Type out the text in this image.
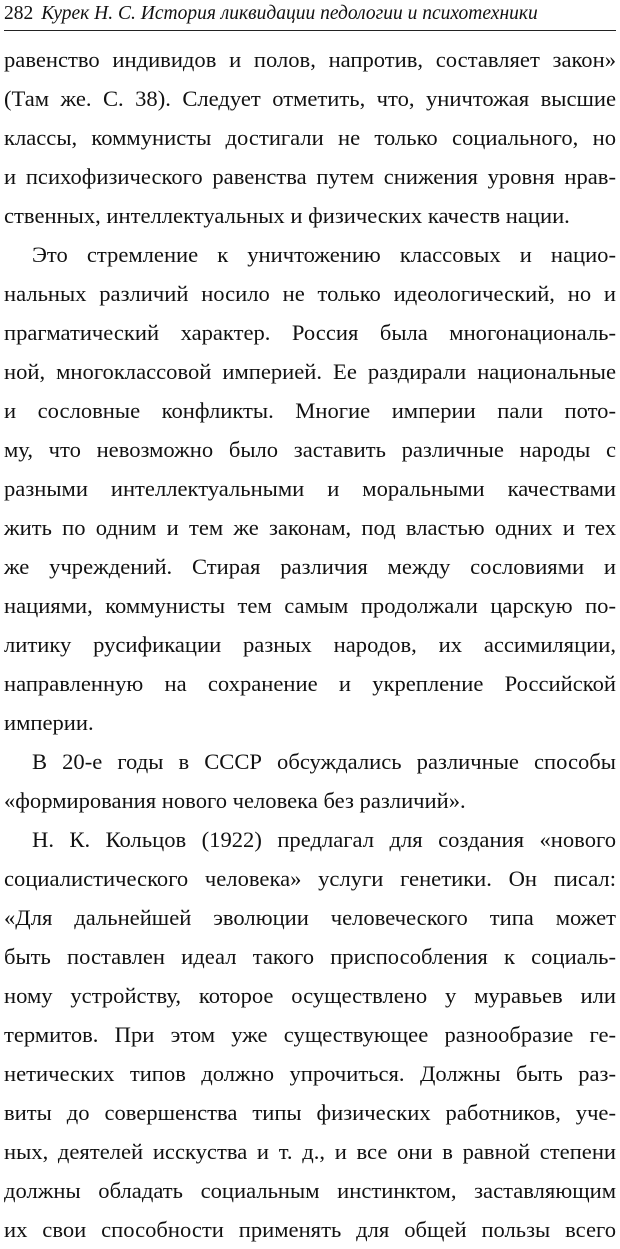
282 Курек Н. С. История ликвидации педологии и психотехники
равенство индивидов и полов, напротив, составляет закон»
(Там же. С. 38). Следует отметить, что, уничтожая высшие
классы, коммунисты достигали не только социального, но
и психофизического равенства путем снижения уровня нрав-
ственных, интеллектуальных и физических качеств нации.
Это стремление к уничтожению классовых и нацио-
нальных различий носило не только идеологический, но и
прагматический характер. Россия была многонациональ-
ной, многоклассовой империей. Ее раздирали национальные
и сословные конфликты. Многие империи пали пото-
му, что невозможно было заставить различные народы с
разными интеллектуальными и моральными качествами
жить по одним и тем же законам, под властью одних и тех
же учреждений. Стирая различия между сословиями и
нациями, коммунисты тем самым продолжали царскую по-
литику русификации разных народов, их ассимиляции,
направленную на сохранение и укрепление Российской
империи.
В 20-е годы в СССР обсуждались различные способы
«формирования нового человека без различий».
Н. К. Кольцов (1922) предлагал для создания «нового
социалистического человека» услуги генетики. Он писал:
«Для дальнейшей эволюции человеческого типа может
быть поставлен идеал такого приспособления к социаль-
ному устройству, которое осуществлено у муравьев или
термитов. При этом уже существующее разнообразие ге-
нетических типов должно упрочиться. Должны быть раз-
виты до совершенства типы физических работников, уче-
ных, деятелей исскуства и т. д., и все они в равной степени
должны обладать социальным инстинктом, заставляющим
их свои способности применять для общей пользы всего
